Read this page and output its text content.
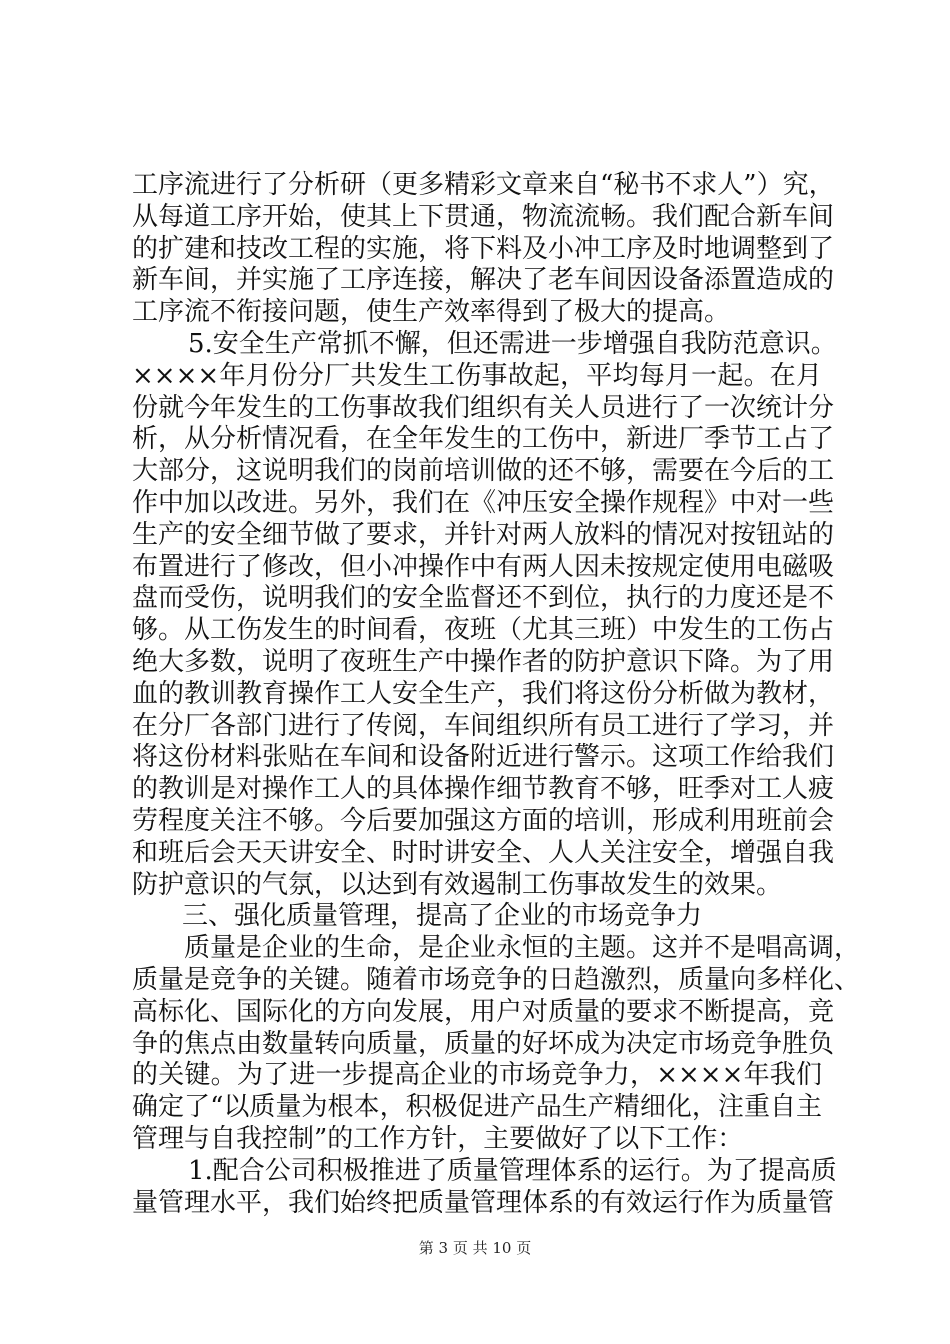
工序流进行了分析研（更多精彩文章来自“秘书不求人”）究，
从每道工序开始，使其上下贯通，物流流畅。我们配合新车间
的扩建和技改工程的实施，将下料及小冲工序及时地调整到了
新车间，并实施了工序连接，解决了老车间因设备添置造成的
工序流不衔接问题，使生产效率得到了极大的提高。
5.安全生产常抓不懈，但还需进一步增强自我防范意识。
××××年月份分厂共发生工伤事故起，平均每月一起。在月
份就今年发生的工伤事故我们组织有关人员进行了一次统计分
析，从分析情况看，在全年发生的工伤中，新进厂季节工占了
大部分，这说明我们的岗前培训做的还不够，需要在今后的工
作中加以改进。另外，我们在《冲压安全操作规程》中对一些
生产的安全细节做了要求，并针对两人放料的情况对按钮站的
布置进行了修改，但小冲操作中有两人因未按规定使用电磁吸
盘而受伤，说明我们的安全监督还不到位，执行的力度还是不
够。从工伤发生的时间看，夜班（尤其三班）中发生的工伤占
绝大多数，说明了夜班生产中操作者的防护意识下降。为了用
血的教训教育操作工人安全生产，我们将这份分析做为教材，
在分厂各部门进行了传阅，车间组织所有员工进行了学习，并
将这份材料张贴在车间和设备附近进行警示。这项工作给我们
的教训是对操作工人的具体操作细节教育不够，旺季对工人疲
劳程度关注不够。今后要加强这方面的培训，形成利用班前会
和班后会天天讲安全、时时讲安全、人人关注安全，增强自我
防护意识的气氛，以达到有效遏制工伤事故发生的效果。
三、强化质量管理，提高了企业的市场竞争力
质量是企业的生命，是企业永恒的主题。这并不是唱高调，
质量是竞争的关键。随着市场竞争的日趋激烈，质量向多样化、
高标化、国际化的方向发展，用户对质量的要求不断提高，竞
争的焦点由数量转向质量，质量的好坏成为决定市场竞争胜负
的关键。为了进一步提高企业的市场竞争力，××××年我们
确定了“以质量为根本，积极促进产品生产精细化，注重自主
管理与自我控制”的工作方针，主要做好了以下工作：
1.配合公司积极推进了质量管理体系的运行。为了提高质
量管理水平，我们始终把质量管理体系的有效运行作为质量管
第 3 页 共 10 页
